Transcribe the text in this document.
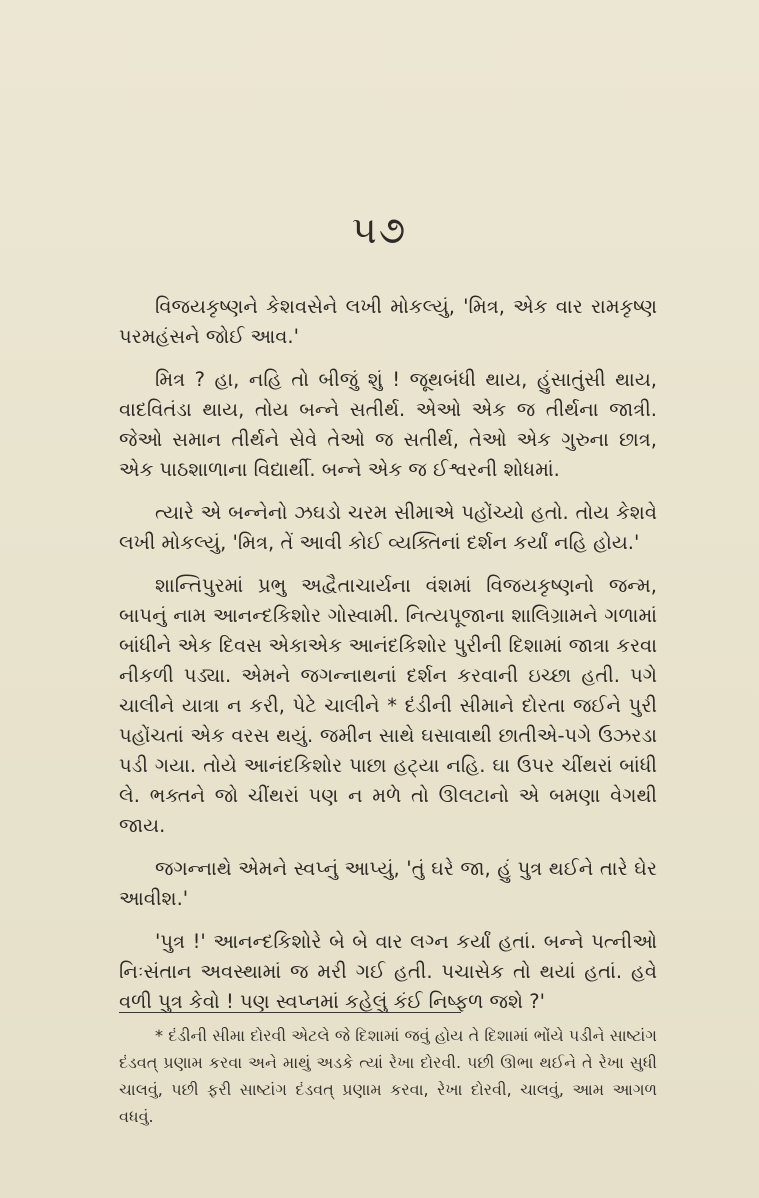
૫૭

વિજયકૃષ્ણને કેશવસેને લખી મોકલ્યું, 'મિત્ર, એક વાર રામકૃષ્ણ પરમહંસને જોઈ આવ.'

મિત્ર ? હા, નહિ તો બીજું શું ! જૂથબંધી થાય, હુંસાતુંસી થાય, વાદવિતંડા થાય, તોય બન્ને સતીર્થ. એઓ એક જ તીર્થના જાત્રી. જેઓ સમાન તીર્થને સેવે તેઓ જ સતીર્થ, તેઓ એક ગુરુના છાત્ર, એક પાઠશાળાના વિદ્યાર્થી. બન્ને એક જ ઈશ્વરની શોધમાં.

ત્યારે એ બન્નેનો ઝઘડો ચરમ સીમાએ પહોંચ્યો હતો. તોય કેશવે લખી મોકલ્યું, 'મિત્ર, તેં આવી કોઈ વ્યક્તિનાં દર્શન કર્યાં નહિ હોય.'

શાન્તિપુરમાં પ્રભુ અદ્વૈતાચાર્યના વંશમાં વિજયકૃષ્ણનો જન્મ, બાપનું નામ આનન્દકિશોર ગોસ્વામી. નિત્યપૂજાના શાલિગ્રામને ગળામાં બાંધીને એક દિવસ એકાએક આનંદકિશોર પુરીની દિશામાં જાત્રા કરવા નીકળી પડ્યા. એમને જગન્નાથનાં દર્શન કરવાની ઇચ્છા હતી. પગે ચાલીને યાત્રા ન કરી, પેટે ચાલીને * દંડીની સીમાને દોરતા જઈને પુરી પહોંચતાં એક વરસ થયું. જમીન સાથે ઘસાવાથી છાતીએ-પગે ઉઝરડા પડી ગયા. તોયે આનંદકિશોર પાછા હટ્યા નહિ. ઘા ઉપર ચીંથરાં બાંધી લે. ભક્તને જો ચીંથરાં પણ ન મળે તો ઊલટાનો એ બમણા વેગથી જાય.

જગન્નાથે એમને સ્વપ્નું આપ્યું, 'તું ઘરે જા, હું પુત્ર થઈને તારે ઘેર આવીશ.'

'પુત્ર !' આનન્દકિશોરે બે બે વાર લગ્ન કર્યાં હતાં. બન્ને પત્નીઓ નિઃસંતાન અવસ્થામાં જ મરી ગઈ હતી. પચાસેક તો થયાં હતાં. હવે વળી પુત્ર કેવો ! પણ સ્વપ્નમાં કહેલું કંઈ નિષ્ફળ જશે ?'

* દંડીની સીમા દોરવી એટલે જે દિશામાં જવું હોય તે દિશામાં ભોંયે પડીને સાષ્ટાંગ દંડવત્ પ્રણામ કરવા અને માથું અડકે ત્યાં રેખા દોરવી. પછી ઊભા થઈને તે રેખા સુધી ચાલવું, પછી ફરી સાષ્ટાંગ દંડવત્ પ્રણામ કરવા, રેખા દોરવી, ચાલવું, આમ આગળ વધવું.
